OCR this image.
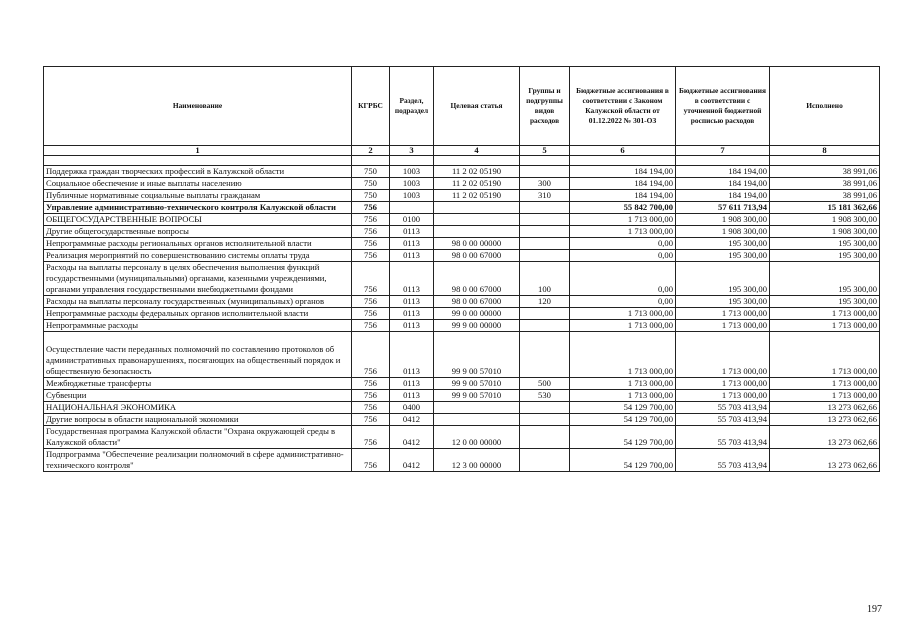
Наименование	КГРБС	Раздел, подраздел	Целевая статья	Группы и подгруппы видов расходов	Бюджетные ассигнования в соответствии с Законом Калужской области от 01.12.2022 № 301-ОЗ	Бюджетные ассигнования в соответствии с уточненной бюджетной росписью расходов	Исполнено
1	2	3	4	5	6	7	8

Поддержка граждан творческих профессий в Калужской области	750	1003	11 2 02 05190		184 194,00	184 194,00	38 991,06
Социальное обеспечение и иные выплаты населению	750	1003	11 2 02 05190	300	184 194,00	184 194,00	38 991,06
Публичные нормативные социальные выплаты гражданам	750	1003	11 2 02 05190	310	184 194,00	184 194,00	38 991,06
Управление административно-технического контроля Калужской области	756				55 842 700,00	57 611 713,94	15 181 362,66
ОБЩЕГОСУДАРСТВЕННЫЕ ВОПРОСЫ	756	0100			1 713 000,00	1 908 300,00	1 908 300,00
Другие общегосударственные вопросы	756	0113			1 713 000,00	1 908 300,00	1 908 300,00
Непрограммные расходы региональных органов исполнительной власти	756	0113	98 0 00 00000		0,00	195 300,00	195 300,00
Реализация мероприятий по совершенствованию системы оплаты труда	756	0113	98 0 00 67000		0,00	195 300,00	195 300,00
Расходы на выплаты персоналу в целях обеспечения выполнения функций государственными (муниципальными) органами, казенными учреждениями, органами управления государственными внебюджетными фондами	756	0113	98 0 00 67000	100	0,00	195 300,00	195 300,00
Расходы на выплаты персоналу государственных (муниципальных) органов	756	0113	98 0 00 67000	120	0,00	195 300,00	195 300,00
Непрограммные расходы федеральных органов исполнительной власти	756	0113	99 0 00 00000		1 713 000,00	1 713 000,00	1 713 000,00
Непрограммные расходы	756	0113	99 9 00 00000		1 713 000,00	1 713 000,00	1 713 000,00
Осуществление части переданных полномочий по составлению протоколов об административных правонарушениях, посягающих на общественный порядок и общественную безопасность	756	0113	99 9 00 57010		1 713 000,00	1 713 000,00	1 713 000,00
Межбюджетные трансферты	756	0113	99 9 00 57010	500	1 713 000,00	1 713 000,00	1 713 000,00
Субвенции	756	0113	99 9 00 57010	530	1 713 000,00	1 713 000,00	1 713 000,00
НАЦИОНАЛЬНАЯ ЭКОНОМИКА	756	0400			54 129 700,00	55 703 413,94	13 273 062,66
Другие вопросы в области национальной экономики	756	0412			54 129 700,00	55 703 413,94	13 273 062,66
Государственная программа Калужской области "Охрана окружающей среды в Калужской области"	756	0412	12 0 00 00000		54 129 700,00	55 703 413,94	13 273 062,66
Подпрограмма "Обеспечение реализации полномочий в сфере административно-технического контроля"	756	0412	12 3 00 00000		54 129 700,00	55 703 413,94	13 273 062,66
197
